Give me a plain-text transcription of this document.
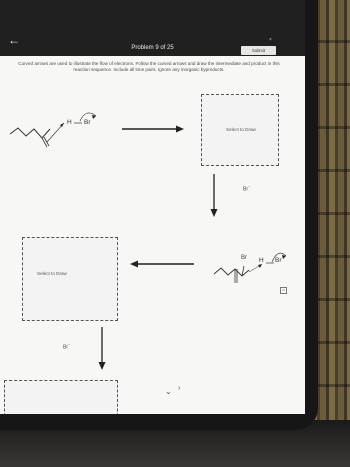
←	×
Problem 9 of 25	Submit
Curved arrows are used to illustrate the flow of electrons. Follow the curved arrows and draw the intermediate and product in this reaction sequence. Include all lone pairs. Ignore any inorganic byproducts.
H Br
Select to Draw
Br−
Br H Br
⊙
Select to Draw
Br−
⌄ ›
